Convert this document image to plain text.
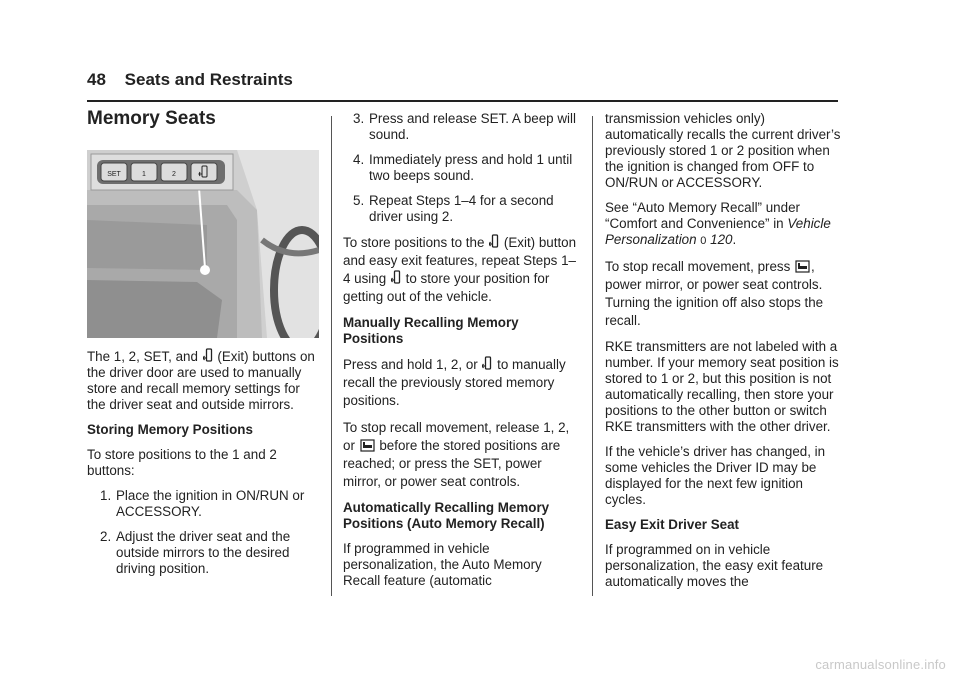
48 Seats and Restraints
Memory Seats
SET	1	2

The 1, 2, SET, and  (Exit) buttons on the driver door are used to manually store and recall memory settings for the driver seat and outside mirrors.

Storing Memory Positions

To store positions to the 1 and 2 buttons:

1. Place the ignition in ON/RUN or ACCESSORY.
2. Adjust the driver seat and the outside mirrors to the desired driving position.
3. Press and release SET. A beep will sound.
4. Immediately press and hold 1 until two beeps sound.
5. Repeat Steps 1–4 for a second driver using 2.

To store positions to the  (Exit) button and easy exit features, repeat Steps 1–4 using  to store your position for getting out of the vehicle.

Manually Recalling Memory Positions

Press and hold 1, 2, or  to manually recall the previously stored memory positions.

To stop recall movement, release 1, 2, or  before the stored positions are reached; or press the SET, power mirror, or power seat controls.

Automatically Recalling Memory Positions (Auto Memory Recall)

If programmed in vehicle personalization, the Auto Memory Recall feature (automatic

transmission vehicles only) automatically recalls the current driver’s previously stored 1 or 2 position when the ignition is changed from OFF to ON/RUN or ACCESSORY.

See “Auto Memory Recall” under “Comfort and Convenience” in Vehicle Personalization 0 120.

To stop recall movement, press , power mirror, or power seat controls. Turning the ignition off also stops the recall.

RKE transmitters are not labeled with a number. If your memory seat position is stored to 1 or 2, but this position is not automatically recalling, then store your positions to the other button or switch RKE transmitters with the other driver.

If the vehicle’s driver has changed, in some vehicles the Driver ID may be displayed for the next few ignition cycles.

Easy Exit Driver Seat

If programmed on in vehicle personalization, the easy exit feature automatically moves the

carmanualsonline.info
